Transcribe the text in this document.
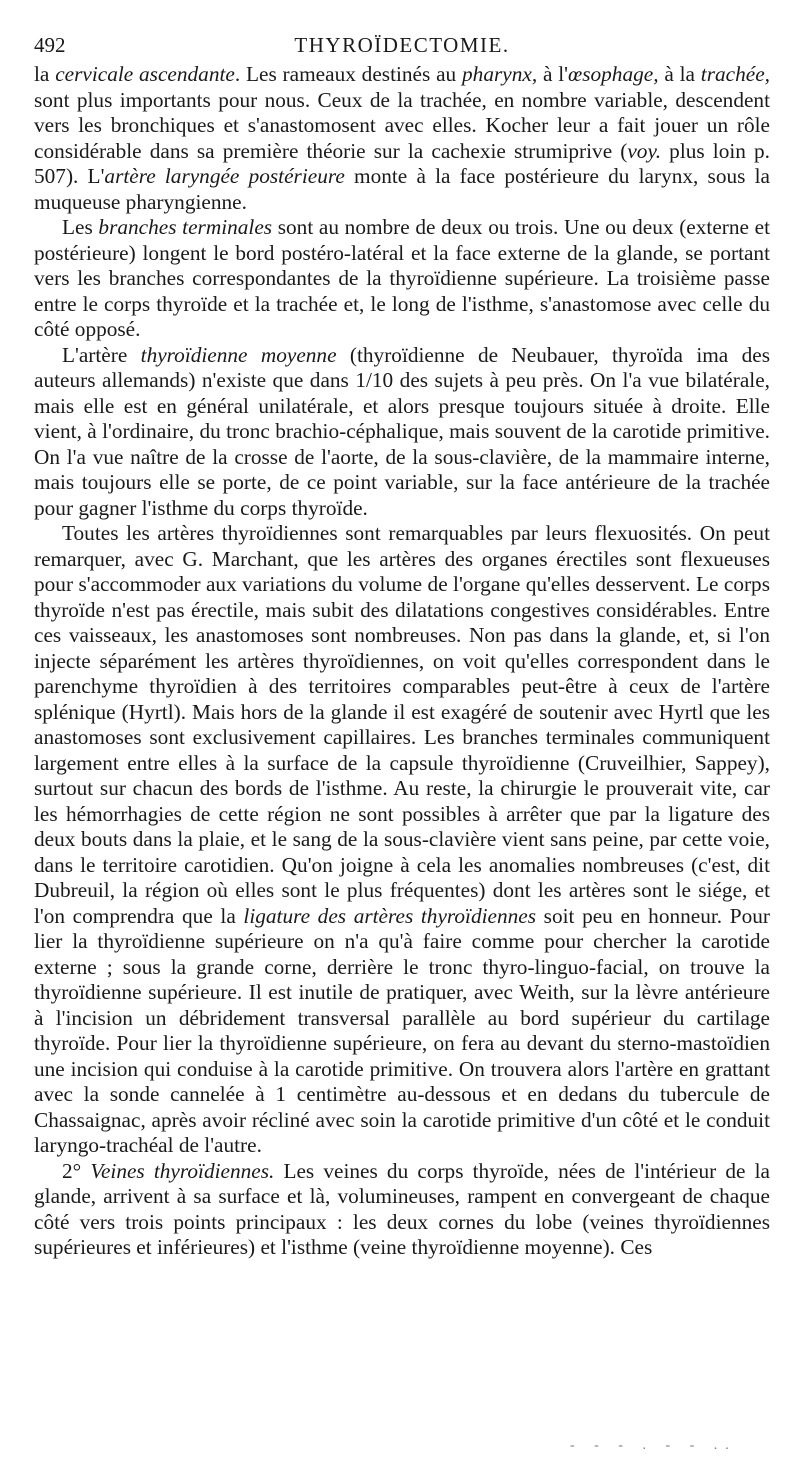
492	THYROÏDECTOMIE.

la cervicale ascendante. Les rameaux destinés au pharynx, à l'œsophage, à la trachée, sont plus importants pour nous. Ceux de la trachée, en nombre variable, descendent vers les bronchiques et s'anastomosent avec elles. Kocher leur a fait jouer un rôle considérable dans sa première théorie sur la cachexie strumiprive (voy. plus loin p. 507). L'artère laryngée postérieure monte à la face postérieure du larynx, sous la muqueuse pharyngienne.

Les branches terminales sont au nombre de deux ou trois. Une ou deux (externe et postérieure) longent le bord postéro-latéral et la face externe de la glande, se portant vers les branches correspondantes de la thyroïdienne supérieure. La troisième passe entre le corps thyroïde et la trachée et, le long de l'isthme, s'anastomose avec celle du côté opposé.

L'artère thyroïdienne moyenne (thyroïdienne de Neubauer, thyroïda ima des auteurs allemands) n'existe que dans 1/10 des sujets à peu près. On l'a vue bilatérale, mais elle est en général unilatérale, et alors presque toujours située à droite. Elle vient, à l'ordinaire, du tronc brachio-céphalique, mais souvent de la carotide primitive. On l'a vue naître de la crosse de l'aorte, de la sous-clavière, de la mammaire interne, mais toujours elle se porte, de ce point variable, sur la face antérieure de la trachée pour gagner l'isthme du corps thyroïde.

Toutes les artères thyroïdiennes sont remarquables par leurs flexuosités. On peut remarquer, avec G. Marchant, que les artères des organes érectiles sont flexueuses pour s'accommoder aux variations du volume de l'organe qu'elles desservent. Le corps thyroïde n'est pas érectile, mais subit des dilatations congestives considérables. Entre ces vaisseaux, les anastomoses sont nombreuses. Non pas dans la glande, et, si l'on injecte séparément les artères thyroïdiennes, on voit qu'elles correspondent dans le parenchyme thyroïdien à des territoires comparables peut-être à ceux de l'artère splénique (Hyrtl). Mais hors de la glande il est exagéré de soutenir avec Hyrtl que les anastomoses sont exclusivement capillaires. Les branches terminales communiquent largement entre elles à la surface de la capsule thyroïdienne (Cruveilhier, Sappey), surtout sur chacun des bords de l'isthme. Au reste, la chirurgie le prouverait vite, car les hémorrhagies de cette région ne sont possibles à arrêter que par la ligature des deux bouts dans la plaie, et le sang de la sous-clavière vient sans peine, par cette voie, dans le territoire carotidien. Qu'on joigne à cela les anomalies nombreuses (c'est, dit Dubreuil, la région où elles sont le plus fréquentes) dont les artères sont le siége, et l'on comprendra que la ligature des artères thyroïdiennes soit peu en honneur. Pour lier la thyroïdienne supérieure on n'a qu'à faire comme pour chercher la carotide externe ; sous la grande corne, derrière le tronc thyro-linguo-facial, on trouve la thyroïdienne supérieure. Il est inutile de pratiquer, avec Weith, sur la lèvre antérieure à l'incision un débridement transversal parallèle au bord supérieur du cartilage thyroïde. Pour lier la thyroïdienne supérieure, on fera au devant du sterno-mastoïdien une incision qui conduise à la carotide primitive. On trouvera alors l'artère en grattant avec la sonde cannelée à 1 centimètre au-dessous et en dedans du tubercule de Chassaignac, après avoir récliné avec soin la carotide primitive d'un côté et le conduit laryngo-trachéal de l'autre.

2° Veines thyroïdiennes. Les veines du corps thyroïde, nées de l'intérieur de la glande, arrivent à sa surface et là, volumineuses, rampent en convergeant de chaque côté vers trois points principaux : les deux cornes du lobe (veines thyroïdiennes supérieures et inférieures) et l'isthme (veine thyroïdienne moyenne). Ces

- - - . - - ..
